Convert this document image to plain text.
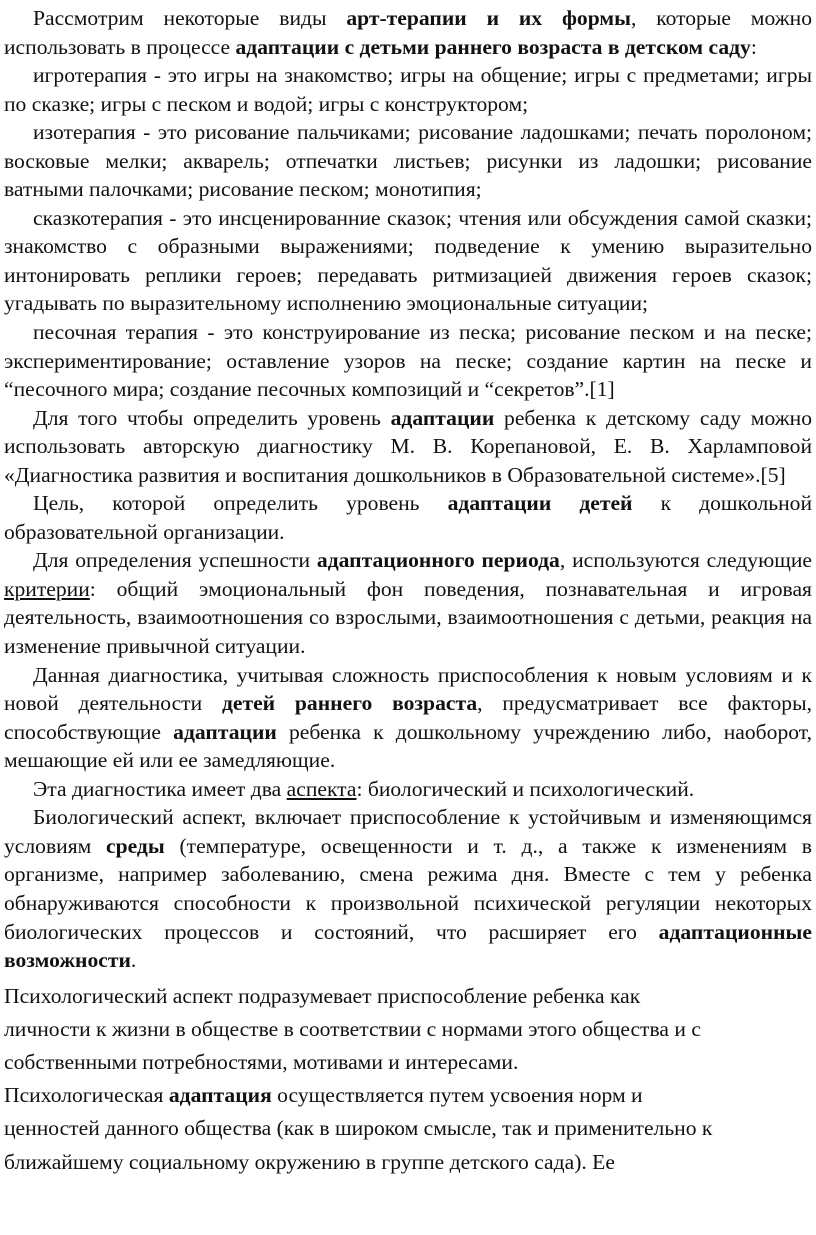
Рассмотрим некоторые виды арт-терапии и их формы, которые можно использовать в процессе адаптации с детьми раннего возраста в детском саду:

игротерапия - это игры на знакомство; игры на общение; игры с предметами; игры по сказке; игры с песком и водой; игры с конструктором;

изотерапия - это рисование пальчиками; рисование ладошками; печать поролоном; восковые мелки; акварель; отпечатки листьев; рисунки из ладошки; рисование ватными палочками; рисование песком; монотипия;

сказкотерапия - это инсценированние сказок; чтения или обсуждения самой сказки; знакомство с образными выражениями; подведение к умению выразительно интонировать реплики героев; передавать ритмизацией движения героев сказок; угадывать по выразительному исполнению эмоциональные ситуации;

песочная терапия - это конструирование из песка; рисование песком и на песке; экспериментирование; оставление узоров на песке; создание картин на песке и “песочного мира; создание песочных композиций и “секретов”.[1]

Для того чтобы определить уровень адаптации ребенка к детскому саду можно использовать авторскую диагностику М. В. Корепановой, Е. В. Харламповой «Диагностика развития и воспитания дошкольников в Образовательной системе».[5]

Цель, которой определить уровень адаптации детей к дошкольной образовательной организации.

Для определения успешности адаптационного периода, используются следующие критерии: общий эмоциональный фон поведения, познавательная и игровая деятельность, взаимоотношения со взрослыми, взаимоотношения с детьми, реакция на изменение привычной ситуации.

Данная диагностика, учитывая сложность приспособления к новым условиям и к новой деятельности детей раннего возраста, предусматривает все факторы, способствующие адаптации ребенка к дошкольному учреждению либо, наоборот, мешающие ей или ее замедляющие.

Эта диагностика имеет два аспекта: биологический и психологический.

Биологический аспект, включает приспособление к устойчивым и изменяющимся условиям среды (температуре, освещенности и т. д., а также к изменениям в организме, например заболеванию, смена режима дня. Вместе с тем у ребенка обнаруживаются способности к произвольной психической регуляции некоторых биологических процессов и состояний, что расширяет его адаптационные возможности.

Психологический аспект подразумевает приспособление ребенка как
личности к жизни в обществе в соответствии с нормами этого общества и с
собственными потребностями, мотивами и интересами.
Психологическая адаптация осуществляется путем усвоения норм и
ценностей данного общества (как в широком смысле, так и применительно к
ближайшему социальному окружению в группе детского сада). Ее
